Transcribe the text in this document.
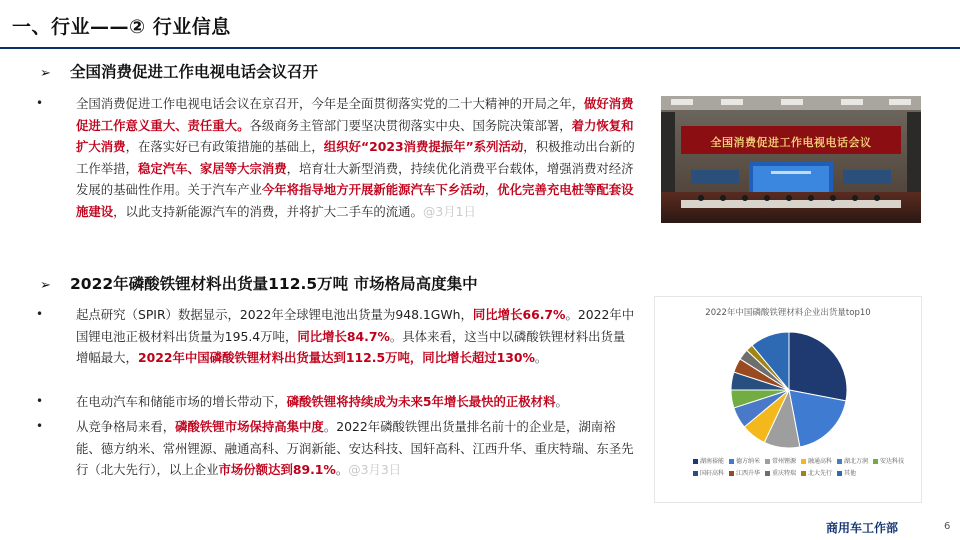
一、行业——② 行业信息
➢ 全国消费促进工作电视电话会议召开
•	全国消费促进工作电视电话会议在京召开，今年是全面贯彻落实党的二十大精神的开局之年，做好消费促进工作意义重大、责任重大。各级商务主管部门要坚决贯彻落实中央、国务院决策部署，着力恢复和扩大消费，在落实好已有政策措施的基础上，组织好“2023消费提振年”系列活动，积极推动出台新的工作举措，稳定汽车、家居等大宗消费，培育壮大新型消费，持续优化消费平台载体，增强消费对经济发展的基础性作用。关于汽车产业今年将指导地方开展新能源汽车下乡活动，优化完善充电桩等配套设施建设，以此支持新能源汽车的消费，并将扩大二手车的流通。@3月1日
全国消费促进工作电视电话会议
➢ 2022年磷酸铁锂材料出货量112.5万吨 市场格局高度集中
•	起点研究（SPIR）数据显示，2022年全球锂电池出货量为948.1GWh，同比增长66.7%。2022年中国锂电池正极材料出货量为195.4万吨，同比增长84.7%。具体来看，这当中以磷酸铁锂材料出货量增幅最大，2022年中国磷酸铁锂材料出货量达到112.5万吨，同比增长超过130%。
•	在电动汽车和储能市场的增长带动下，磷酸铁锂将持续成为未来5年增长最快的正极材料。
•	从竞争格局来看，磷酸铁锂市场保持高集中度。2022年磷酸铁锂出货量排名前十的企业是，湖南裕能、德方纳米、常州锂源、融通高科、万润新能、安达科技、国轩高科、江西升华、重庆特瑞、东圣先行（北大先行），以上企业市场份额达到89.1%。@3月3日
2022年中国磷酸铁锂材料企业出货量top10
湖南裕能 德方纳米 常州锂源 融通高科 湖北万润 安达科技国轩高科 江西升华 重庆特瑞 北大先行 其他
商用车工作部	6
